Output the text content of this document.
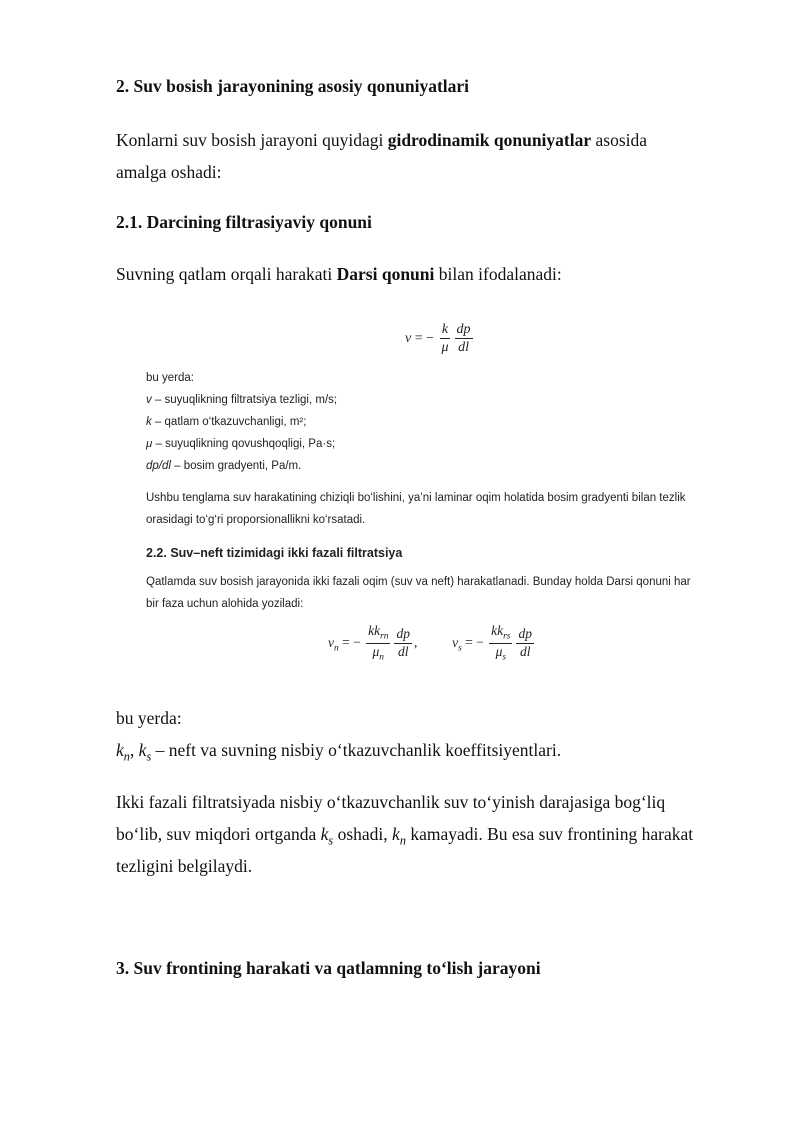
2. Suv bosish jarayonining asosiy qonuniyatlari

Konlarni suv bosish jarayoni quyidagi gidrodinamik qonuniyatlar asosida

amalga oshadi:

2.1. Darcining filtrasiyaviy qonuni

Suvning qatlam orqali harakati Darsi qonuni bilan ifodalanadi:

v = − $\frac{k}{\mu} \frac{dp}{dl}$
bu yerda:
v – suyuqlikning filtratsiya tezligi, m/s;
k – qatlam o‘tkazuvchanligi, m²;
μ – suyuqlikning qovushqoqligi, Pa·s;
dp/dl – bosim gradyenti, Pa/m.
Ushbu tenglama suv harakatining chiziqli bo‘lishini, ya’ni laminar oqim holatida bosim gradyenti bilan tezlik
orasidagi to‘g‘ri proporsionallikni ko‘rsatadi.
2.2. Suv–neft tizimidagi ikki fazali filtratsiya
Qatlamda suv bosish jarayonida ikki fazali oqim (suv va neft) harakatlanadi. Bunday holda Darsi qonuni har
bir faza uchun alohida yoziladi:
$v_n$ = − $\frac{kk_{rn}}{\mu_n} \frac{dp}{dl}$ ,	$v_s$ = − $\frac{kk_{rs}}{\mu_s} \frac{dp}{dl}$

bu yerda:

$k_n$, $k_s$ – neft va suvning nisbiy o‘tkazuvchanlik koeffitsiyentlari.

Ikki fazali filtratsiyada nisbiy o‘tkazuvchanlik suv to‘yinish darajasiga bog‘liq

bo‘lib, suv miqdori ortganda $k_s$ oshadi, $k_n$ kamayadi. Bu esa suv frontining harakat

tezligini belgilaydi.

3. Suv frontining harakati va qatlamning to‘lish jarayoni
